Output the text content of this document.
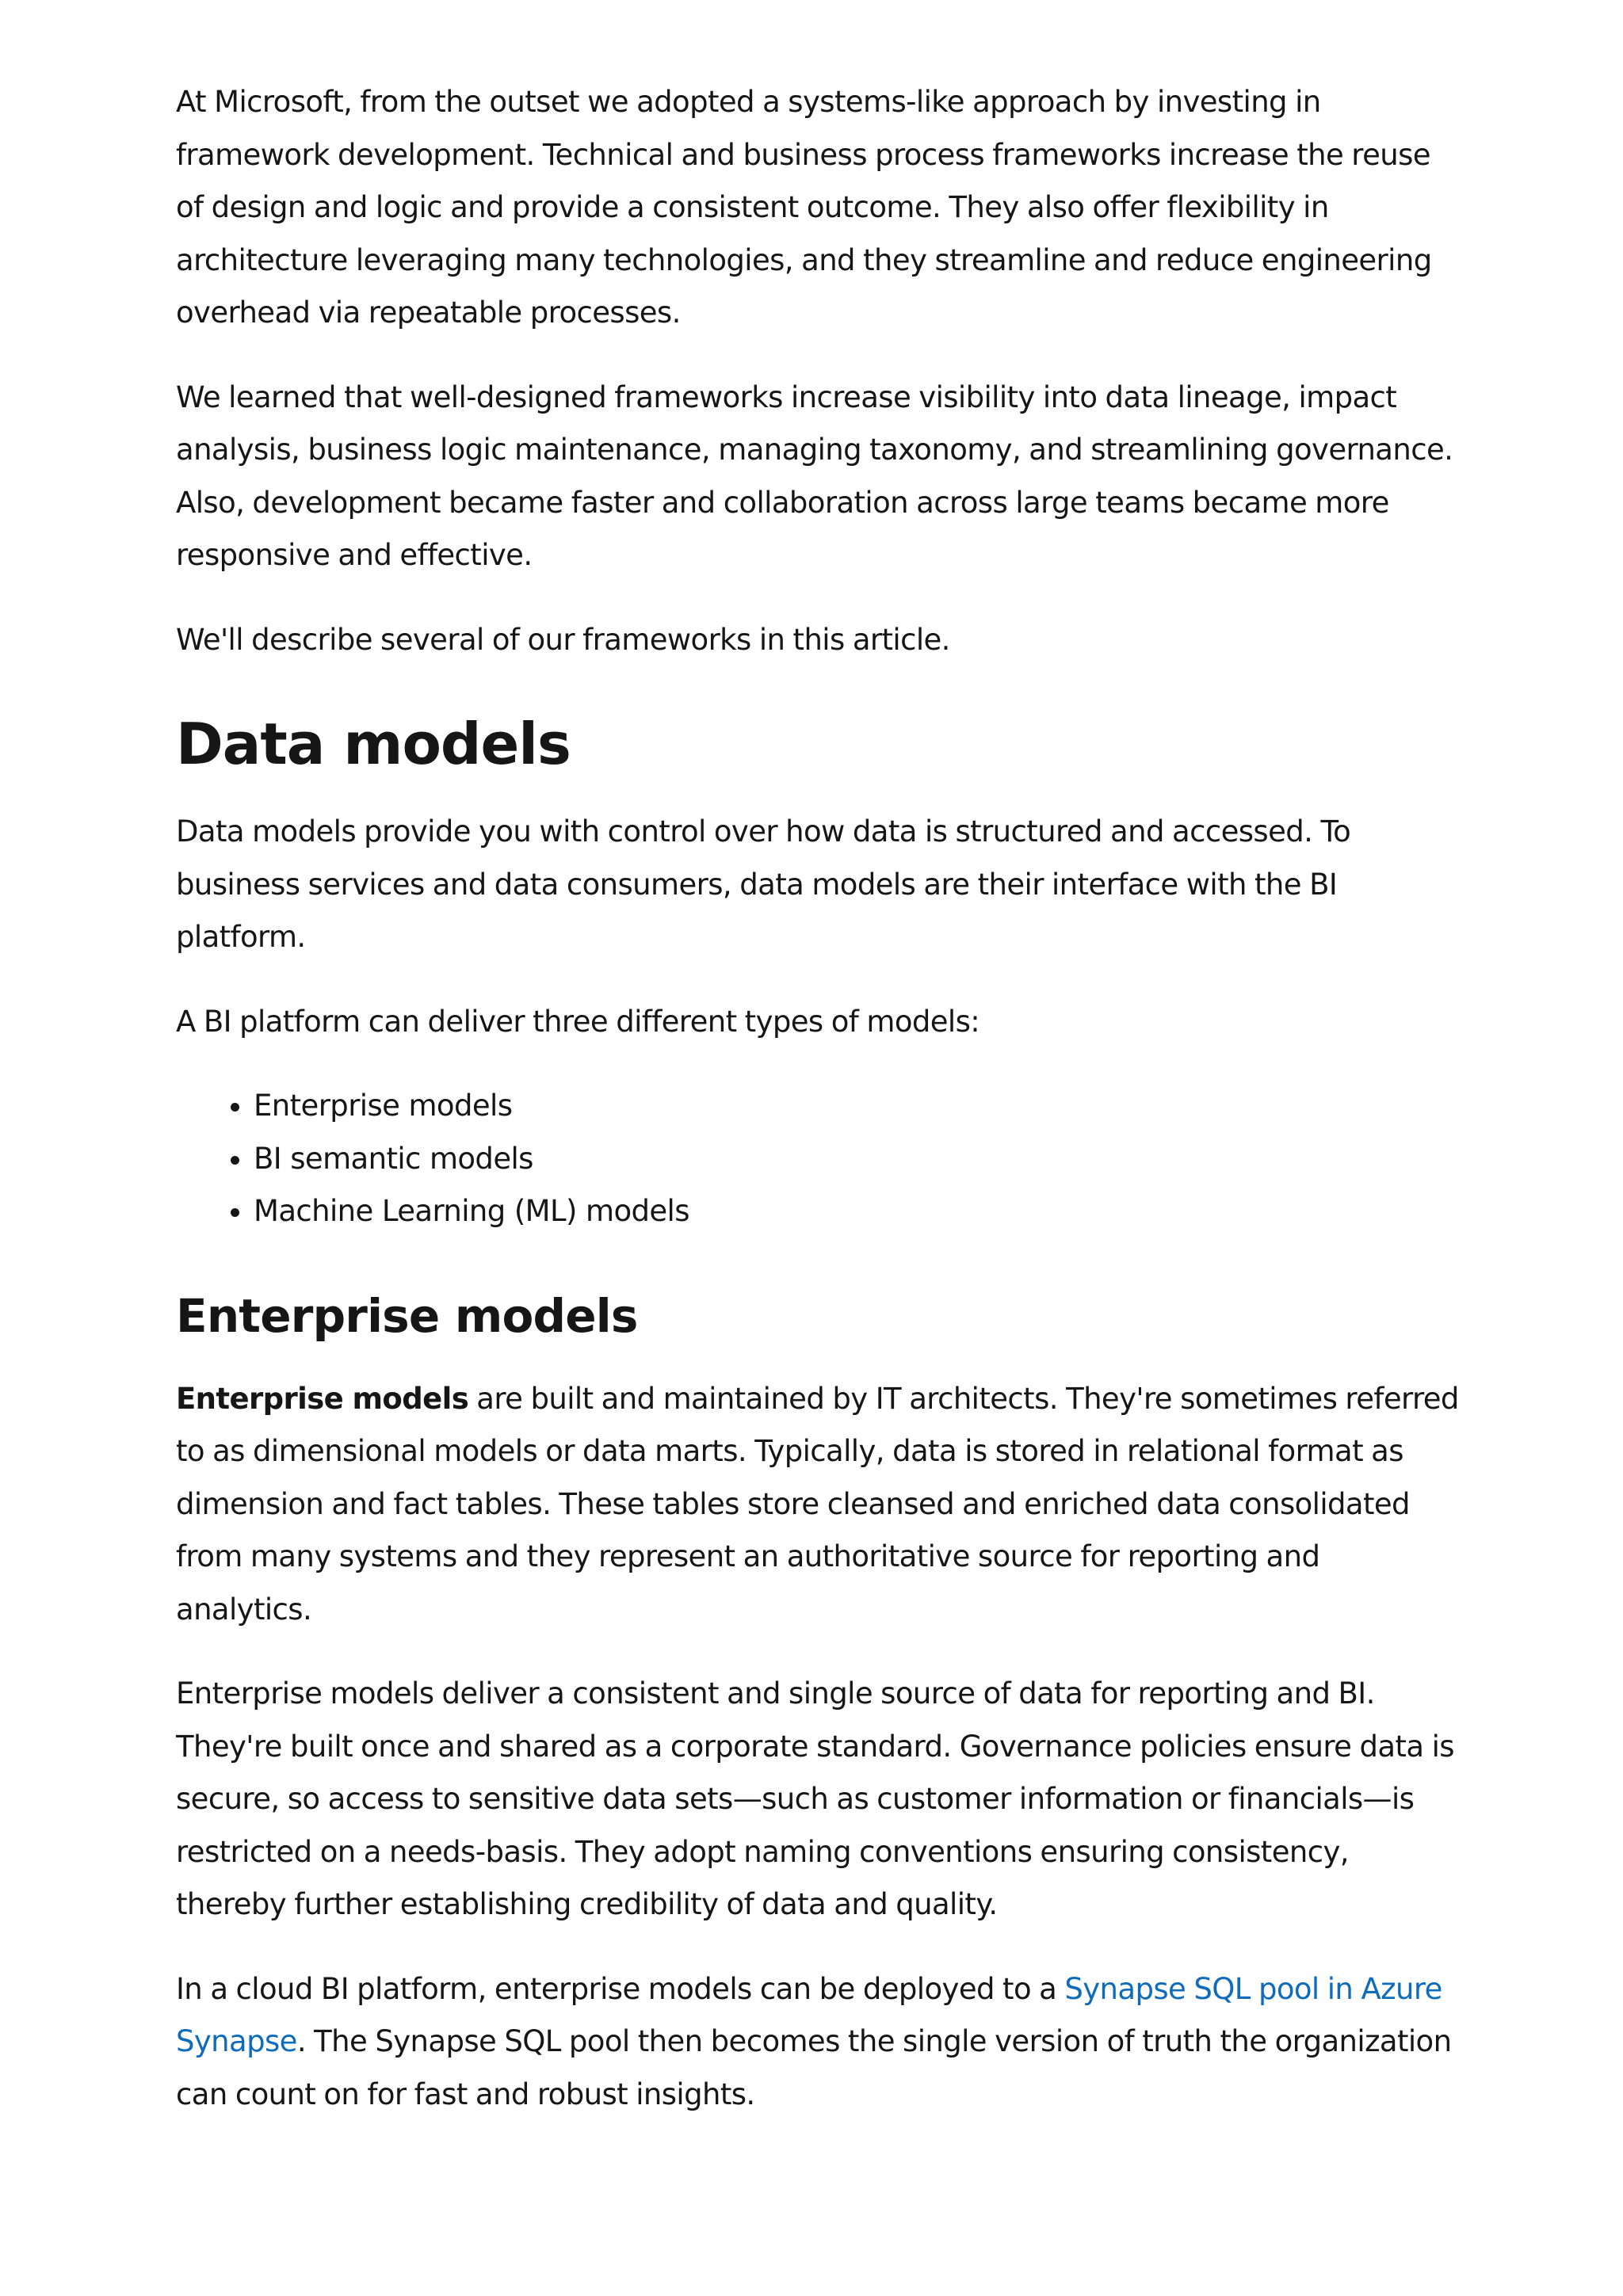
At Microsoft, from the outset we adopted a systems-like approach by investing in framework development. Technical and business process frameworks increase the reuse of design and logic and provide a consistent outcome. They also offer flexibility in architecture leveraging many technologies, and they streamline and reduce engineering overhead via repeatable processes.

We learned that well-designed frameworks increase visibility into data lineage, impact analysis, business logic maintenance, managing taxonomy, and streamlining governance. Also, development became faster and collaboration across large teams became more responsive and effective.

We'll describe several of our frameworks in this article.

Data models

Data models provide you with control over how data is structured and accessed. To business services and data consumers, data models are their interface with the BI platform.

A BI platform can deliver three different types of models:

• Enterprise models
• BI semantic models
• Machine Learning (ML) models
Enterprise models

Enterprise models are built and maintained by IT architects. They're sometimes referred to as dimensional models or data marts. Typically, data is stored in relational format as dimension and fact tables. These tables store cleansed and enriched data consolidated from many systems and they represent an authoritative source for reporting and analytics.

Enterprise models deliver a consistent and single source of data for reporting and BI. They're built once and shared as a corporate standard. Governance policies ensure data is secure, so access to sensitive data sets—such as customer information or financials—is restricted on a needs-basis. They adopt naming conventions ensuring consistency, thereby further establishing credibility of data and quality.

In a cloud BI platform, enterprise models can be deployed to a Synapse SQL pool in Azure Synapse. The Synapse SQL pool then becomes the single version of truth the organization can count on for fast and robust insights.
